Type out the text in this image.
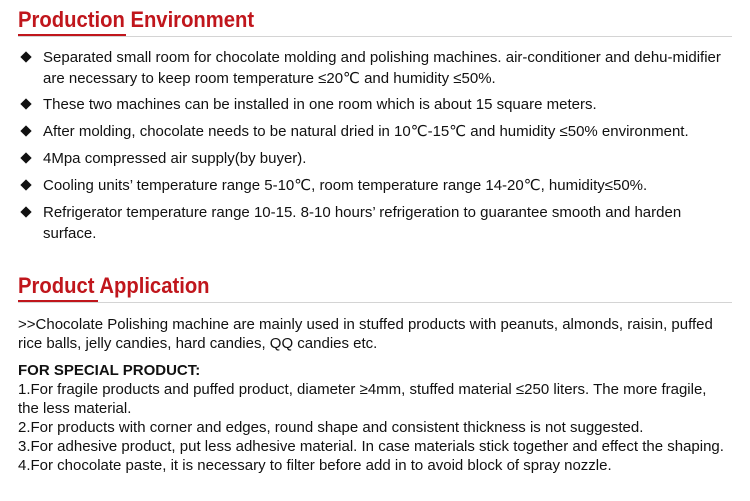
Production Environment
Separated small room for chocolate molding and polishing machines. air-conditioner and dehu-midifier are necessary to keep room temperature ≤20℃ and humidity ≤50%.
These two machines can be installed in one room which is about 15 square meters.
After molding, chocolate needs to be natural dried in 10℃-15℃ and humidity ≤50% environment.
4Mpa compressed air supply(by buyer).
Cooling units’ temperature range 5-10℃, room temperature range 14-20℃, humidity≤50%.
Refrigerator temperature range 10-15. 8-10 hours’ refrigeration to guarantee smooth and harden surface.
Product Application
>>Chocolate Polishing machine are mainly used in stuffed products with peanuts, almonds, raisin, puffed rice balls, jelly candies, hard candies, QQ candies etc.
FOR SPECIAL PRODUCT:
1.For fragile products and puffed product, diameter ≥4mm, stuffed material ≤250 liters. The more fragile, the less material.
2.For products with corner and edges, round shape and consistent thickness is not suggested.
3.For adhesive product, put less adhesive material. In case materials stick together and effect the shaping.
4.For chocolate paste, it is necessary to filter before add in to avoid block of spray nozzle.
